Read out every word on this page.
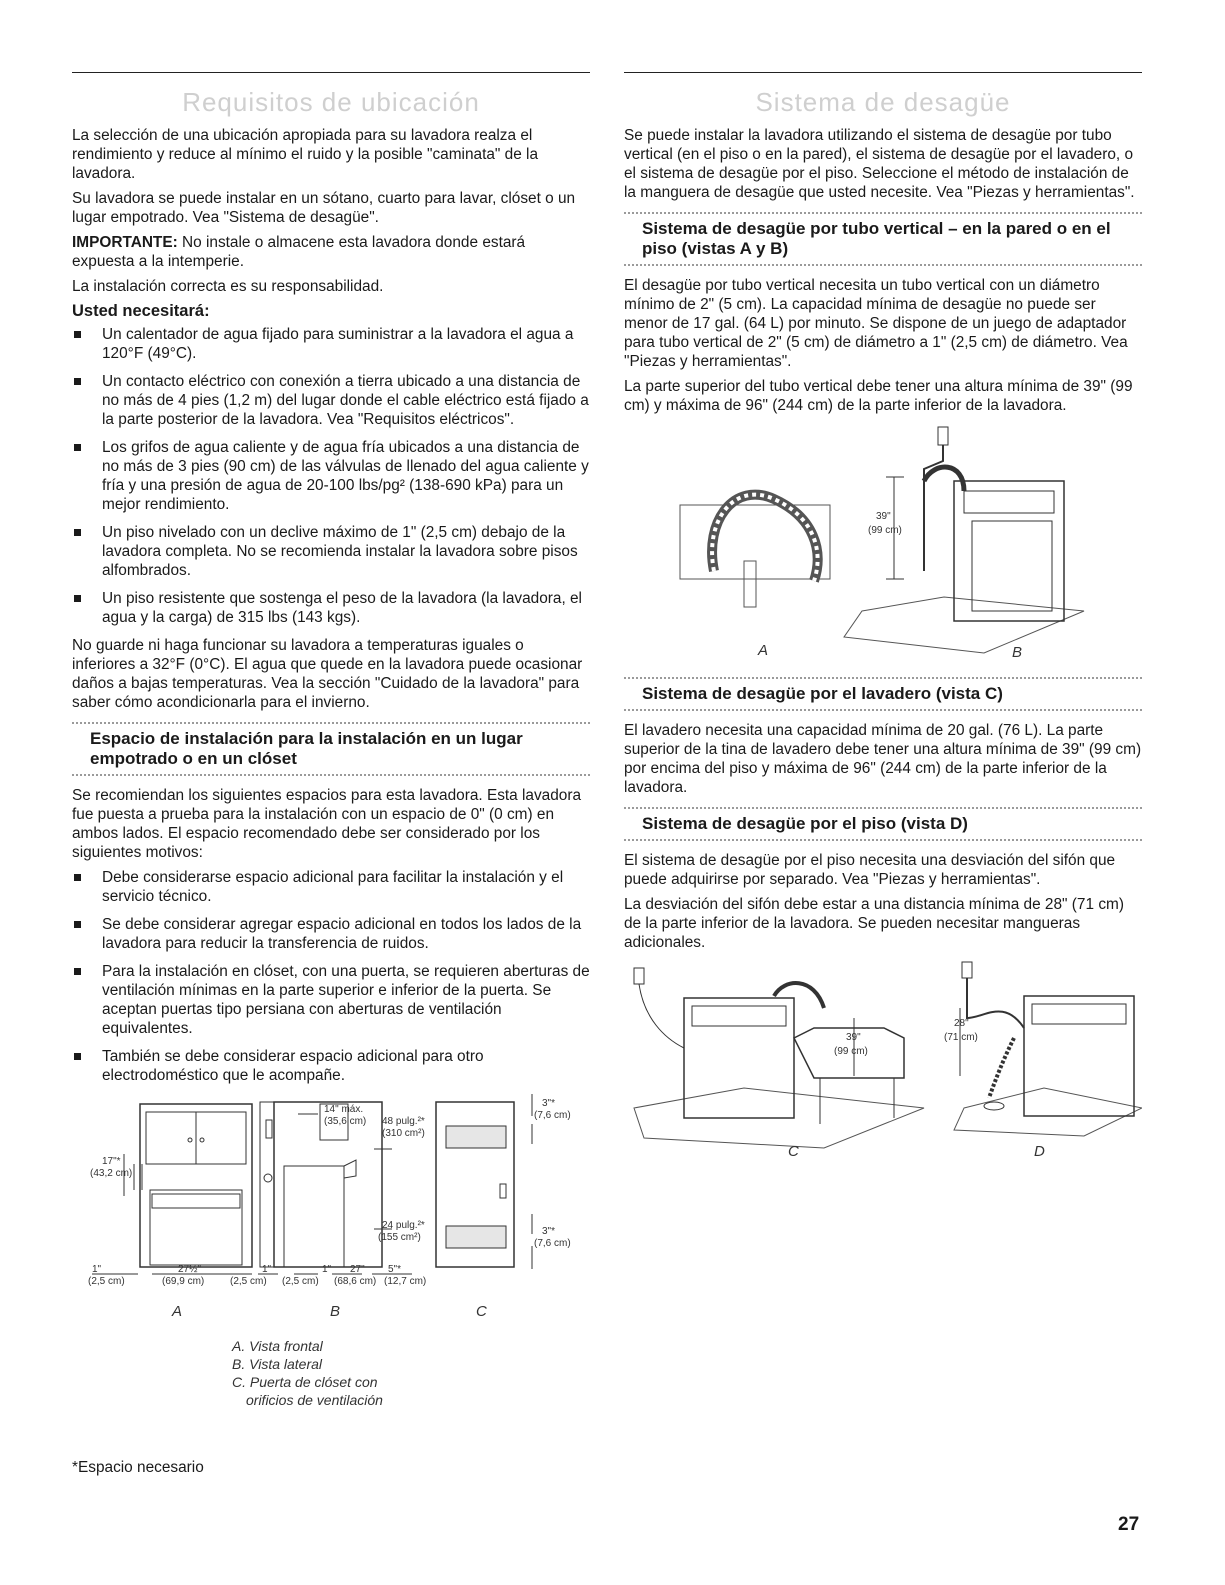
Requisitos de ubicación

La selección de una ubicación apropiada para su lavadora realza el rendimiento y reduce al mínimo el ruido y la posible "caminata" de la lavadora.

Su lavadora se puede instalar en un sótano, cuarto para lavar, clóset o un lugar empotrado. Vea "Sistema de desagüe".

IMPORTANTE: No instale o almacene esta lavadora donde estará expuesta a la intemperie.

La instalación correcta es su responsabilidad.

Usted necesitará:
Un calentador de agua fijado para suministrar a la lavadora el agua a 120°F (49°C).
Un contacto eléctrico con conexión a tierra ubicado a una distancia de no más de 4 pies (1,2 m) del lugar donde el cable eléctrico está fijado a la parte posterior de la lavadora. Vea "Requisitos eléctricos".
Los grifos de agua caliente y de agua fría ubicados a una distancia de no más de 3 pies (90 cm) de las válvulas de llenado del agua caliente y fría y una presión de agua de 20-100 lbs/pg² (138-690 kPa) para un mejor rendimiento.
Un piso nivelado con un declive máximo de 1" (2,5 cm) debajo de la lavadora completa. No se recomienda instalar la lavadora sobre pisos alfombrados.
Un piso resistente que sostenga el peso de la lavadora (la lavadora, el agua y la carga) de 315 lbs (143 kgs).

No guarde ni haga funcionar su lavadora a temperaturas iguales o inferiores a 32°F (0°C). El agua que quede en la lavadora puede ocasionar daños a bajas temperaturas. Vea la sección "Cuidado de la lavadora" para saber cómo acondicionarla para el invierno.

Espacio de instalación para la instalación en un lugar empotrado o en un clóset

Se recomiendan los siguientes espacios para esta lavadora. Esta lavadora fue puesta a prueba para la instalación con un espacio de 0" (0 cm) en ambos lados. El espacio recomendado debe ser considerado por los siguientes motivos:

Debe considerarse espacio adicional para facilitar la instalación y el servicio técnico.
Se debe considerar agregar espacio adicional en todos los lados de la lavadora para reducir la transferencia de ruidos.
Para la instalación en clóset, con una puerta, se requieren aberturas de ventilación mínimas en la parte superior e inferior de la puerta. Se aceptan puertas tipo persiana con aberturas de ventilación equivalentes.
También se debe considerar espacio adicional para otro electrodoméstico que le acompañe.
17"*
(43,2 cm)
1"
(2,5 cm)
27½"
(69,9 cm)
14" máx.
(35,6 cm) 48 pulg.²*
(310 cm²)
24 pulg.²*
(155 cm²)
1"
(2,5 cm)
1"
(2,5 cm)
27"
(68,6 cm)
5"*
(12,7 cm)
3"*
(7,6 cm)
3"*
(7,6 cm)
A	B	C
A. Vista frontal
B. Vista lateral
C. Puerta de clóset con
orificios de ventilación
*Espacio necesario
Sistema de desagüe

Se puede instalar la lavadora utilizando el sistema de desagüe por tubo vertical (en el piso o en la pared), el sistema de desagüe por el lavadero, o el sistema de desagüe por el piso. Seleccione el método de instalación de la manguera de desagüe que usted necesite. Vea "Piezas y herramientas".

Sistema de desagüe por tubo vertical – en la pared o en el piso (vistas A y B)

El desagüe por tubo vertical necesita un tubo vertical con un diámetro mínimo de 2" (5 cm). La capacidad mínima de desagüe no puede ser menor de 17 gal. (64 L) por minuto. Se dispone de un juego de adaptador para tubo vertical de 2" (5 cm) de diámetro a 1" (2,5 cm) de diámetro. Vea "Piezas y herramientas".

La parte superior del tubo vertical debe tener una altura mínima de 39" (99 cm) y máxima de 96" (244 cm) de la parte inferior de la lavadora.

39"
(99 cm)
A	B
Sistema de desagüe por el lavadero (vista C)

El lavadero necesita una capacidad mínima de 20 gal. (76 L). La parte superior de la tina de lavadero debe tener una altura mínima de 39" (99 cm) por encima del piso y máxima de 96" (244 cm) de la parte inferior de la lavadora.

Sistema de desagüe por el piso (vista D)

El sistema de desagüe por el piso necesita una desviación del sifón que puede adquirirse por separado. Vea "Piezas y herramientas".

La desviación del sifón debe estar a una distancia mínima de 28" (71 cm) de la parte inferior de la lavadora. Se pueden necesitar mangueras adicionales.

39"
(99 cm)
28"
(71 cm)
C	D
27
